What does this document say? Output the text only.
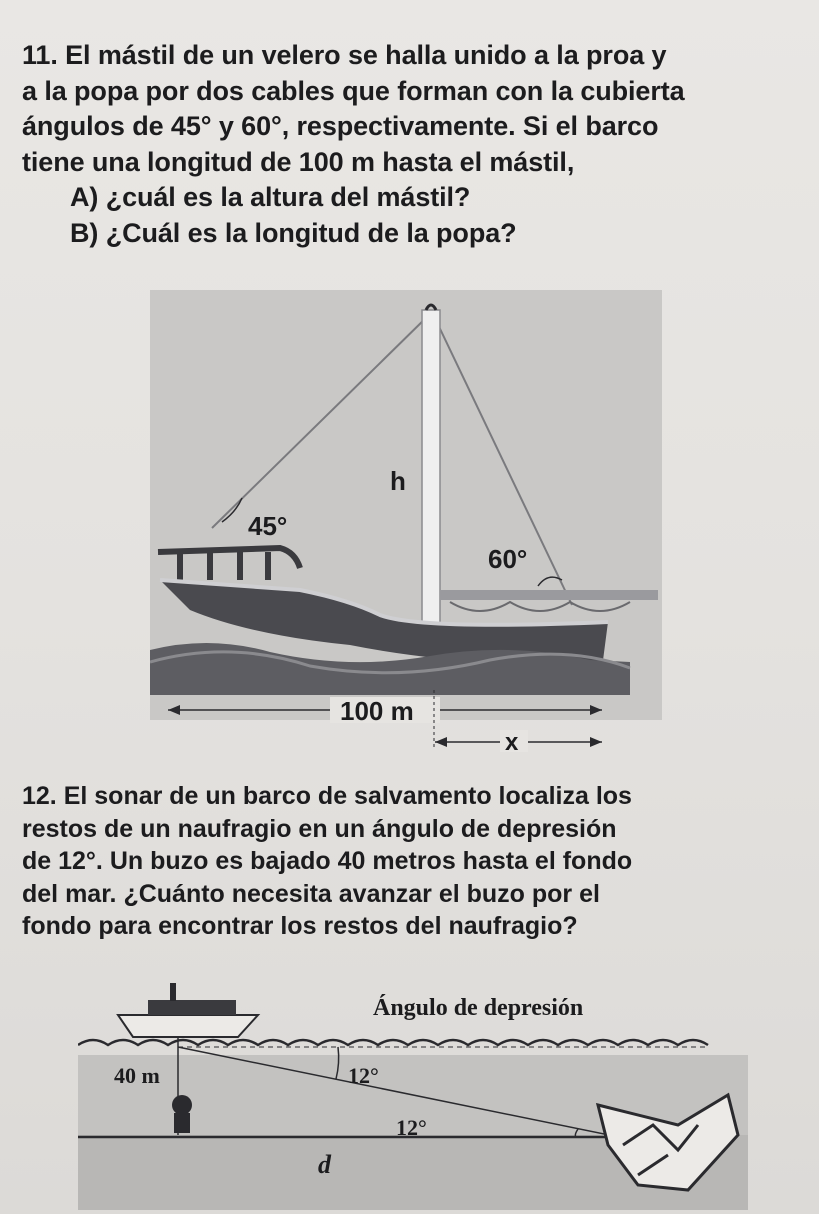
11. El mástil de un velero se halla unido a la proa y
a la popa por dos cables que forman con la cubierta
ángulos de 45° y 60°, respectivamente. Si el barco
tiene una longitud de 100 m hasta el mástil,
A) ¿cuál es la altura del mástil?
B) ¿Cuál es la longitud de la popa?
100 m
x
h
45°
60°
12. El sonar de un barco de salvamento localiza los
restos de un naufragio en un ángulo de depresión
de 12°. Un buzo es bajado 40 metros hasta el fondo
del mar. ¿Cuánto necesita avanzar el buzo por el
fondo para encontrar los restos del naufragio?
Ángulo de depresión
40 m	12°
12°
d
